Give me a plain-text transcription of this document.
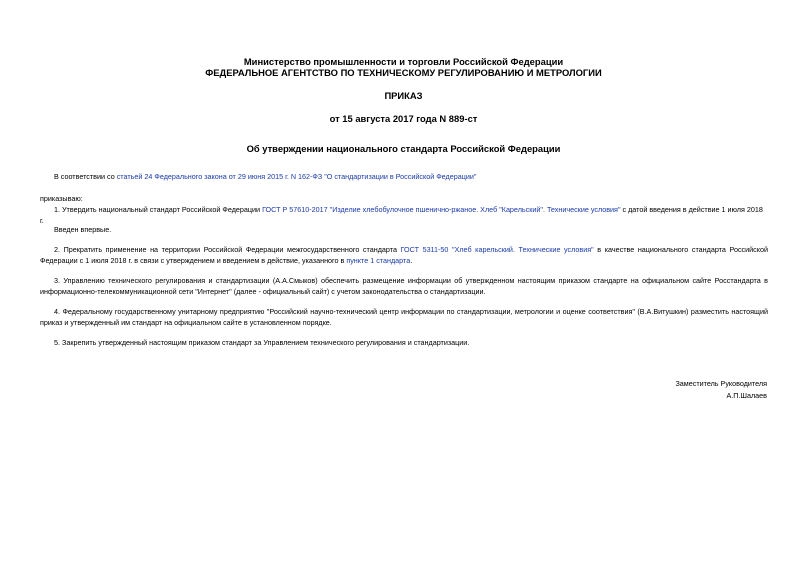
Министерство промышленности и торговли Российской Федерации
ФЕДЕРАЛЬНОЕ АГЕНТСТВО ПО ТЕХНИЧЕСКОМУ РЕГУЛИРОВАНИЮ И МЕТРОЛОГИИ
ПРИКАЗ
от 15 августа 2017 года N 889-ст
Об утверждении национального стандарта Российской Федерации
В соответствии со статьей 24 Федерального закона от 29 июня 2015 г. N 162-ФЗ "О стандартизации в Российской Федерации"
приказываю:
1. Утвердить национальный стандарт Российской Федерации ГОСТ Р 57610-2017 "Изделие хлебобулочное пшенично-ржаное. Хлеб "Карельский". Технические условия" с датой введения в действие 1 июля 2018 г.
Введен впервые.
2. Прекратить применение на территории Российской Федерации межгосударственного стандарта ГОСТ 5311-50 "Хлеб карельский. Технические условия" в качестве национального стандарта Российской Федерации с 1 июля 2018 г. в связи с утверждением и введением в действие, указанного в пункте 1 стандарта.
3. Управлению технического регулирования и стандартизации (А.А.Смыков) обеспечить размещение информации об утвержденном настоящим приказом стандарте на официальном сайте Росстандарта в информационно-телекоммуникационной сети "Интернет" (далее - официальный сайт) с учетом законодательства о стандартизации.
4. Федеральному государственному унитарному предприятию "Российский научно-технический центр информации по стандартизации, метрологии и оценке соответствия" (В.А.Витушкин) разместить настоящий приказ и утвержденный им стандарт на официальном сайте в установленном порядке.
5. Закрепить утвержденный настоящим приказом стандарт за Управлением технического регулирования и стандартизации.
Заместитель Руководителя
А.П.Шалаев
